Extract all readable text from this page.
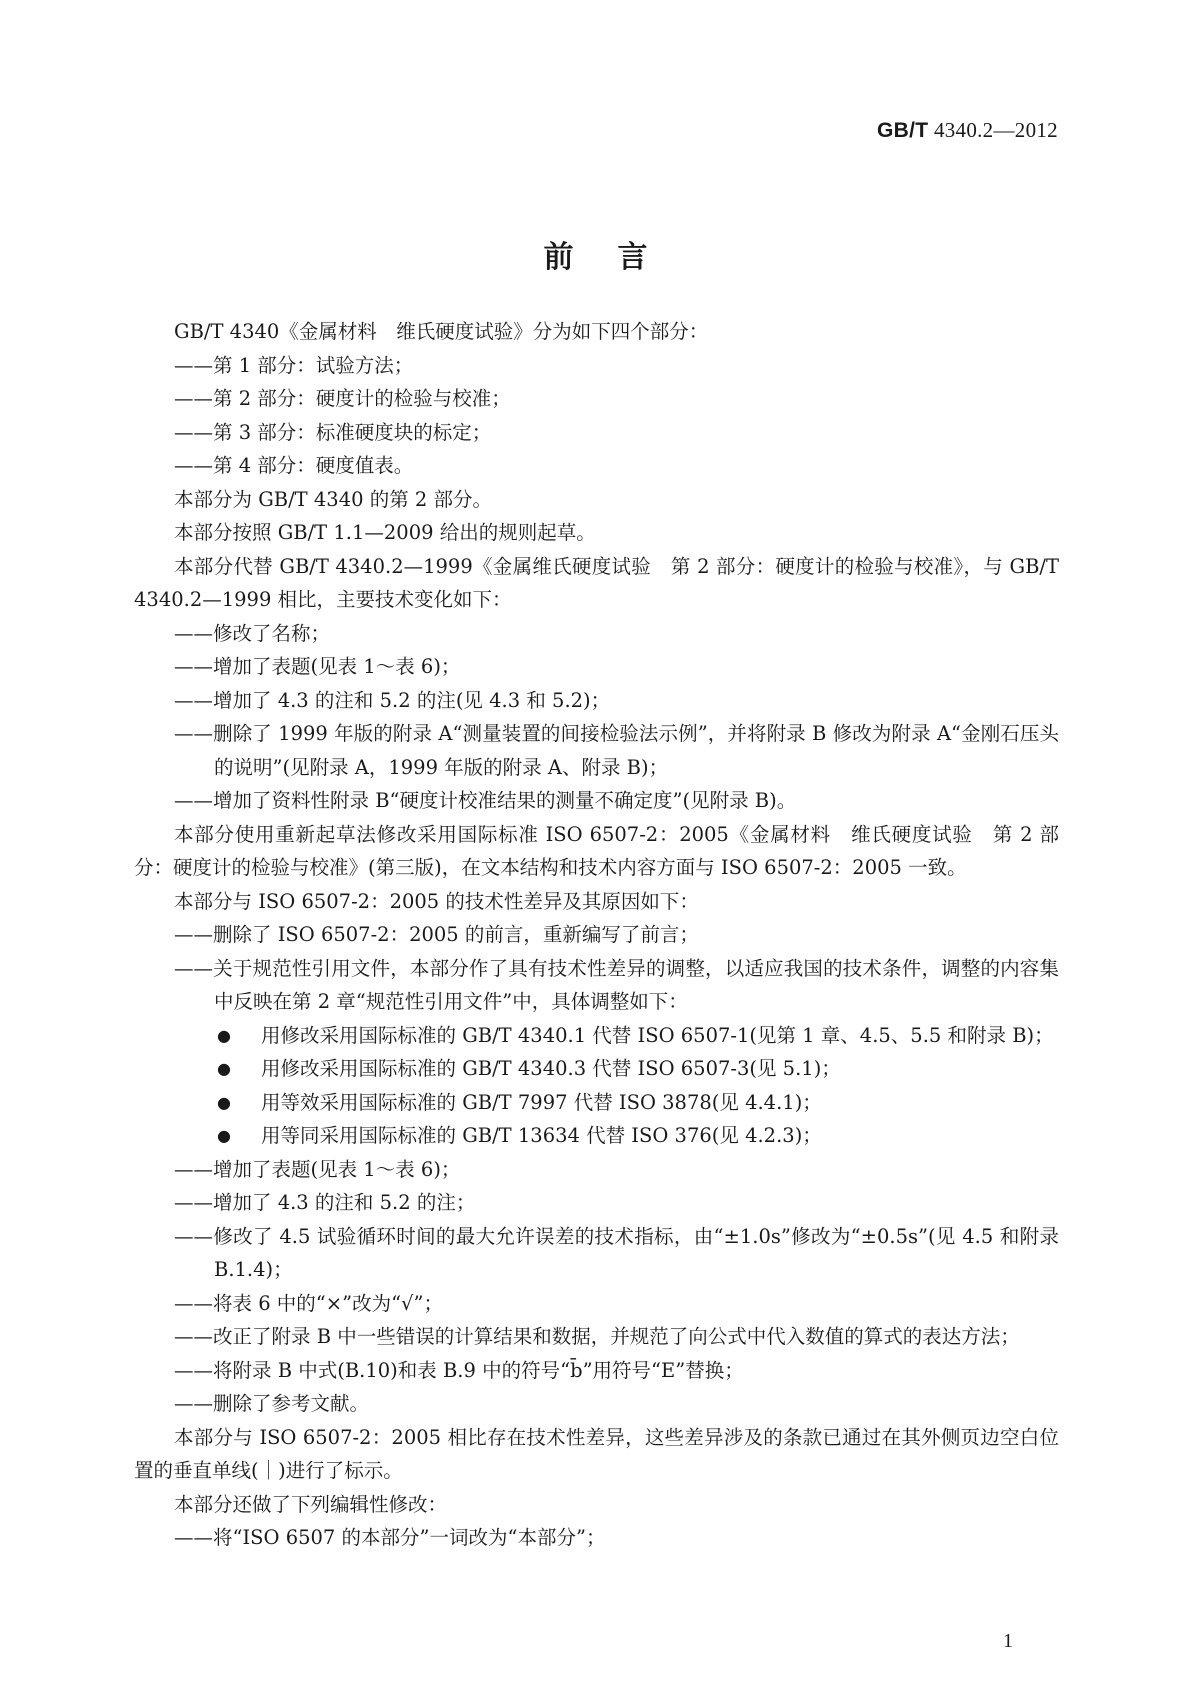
GB/T 4340.2—2012
前言
GB/T 4340《金属材料　维氏硬度试验》分为如下四个部分：
——第 1 部分：试验方法；
——第 2 部分：硬度计的检验与校准；
——第 3 部分：标准硬度块的标定；
——第 4 部分：硬度值表。
本部分为 GB/T 4340 的第 2 部分。
本部分按照 GB/T 1.1—2009 给出的规则起草。
本部分代替 GB/T 4340.2—1999《金属维氏硬度试验　第 2 部分：硬度计的检验与校准》，与 GB/T 4340.2—1999 相比，主要技术变化如下：
——修改了名称；
——增加了表题(见表 1～表 6)；
——增加了 4.3 的注和 5.2 的注(见 4.3 和 5.2)；
——删除了 1999 年版的附录 A“测量装置的间接检验法示例”，并将附录 B 修改为附录 A“金刚石压头的说明”(见附录 A，1999 年版的附录 A、附录 B)；
——增加了资料性附录 B“硬度计校准结果的测量不确定度”(见附录 B)。
本部分使用重新起草法修改采用国际标准 ISO 6507-2：2005《金属材料　维氏硬度试验　第 2 部分：硬度计的检验与校准》(第三版)，在文本结构和技术内容方面与 ISO 6507-2：2005 一致。
本部分与 ISO 6507-2：2005 的技术性差异及其原因如下：
——删除了 ISO 6507-2：2005 的前言，重新编写了前言；
——关于规范性引用文件，本部分作了具有技术性差异的调整，以适应我国的技术条件，调整的内容集中反映在第 2 章“规范性引用文件”中，具体调整如下：
● 用修改采用国际标准的 GB/T 4340.1 代替 ISO 6507-1(见第 1 章、4.5、5.5 和附录 B)；
● 用修改采用国际标准的 GB/T 4340.3 代替 ISO 6507-3(见 5.1)；
● 用等效采用国际标准的 GB/T 7997 代替 ISO 3878(见 4.4.1)；
● 用等同采用国际标准的 GB/T 13634 代替 ISO 376(见 4.2.3)；
——增加了表题(见表 1～表 6)；
——增加了 4.3 的注和 5.2 的注；
——修改了 4.5 试验循环时间的最大允许误差的技术指标，由“±1.0s”修改为“±0.5s”(见 4.5 和附录 B.1.4)；
——将表 6 中的“×”改为“√”；
——改正了附录 B 中一些错误的计算结果和数据，并规范了向公式中代入数值的算式的表达方法；
——将附录 B 中式(B.10)和表 B.9 中的符号“b̄”用符号“E”替换；
——删除了参考文献。
本部分与 ISO 6507-2：2005 相比存在技术性差异，这些差异涉及的条款已通过在其外侧页边空白位置的垂直单线(｜)进行了标示。
本部分还做了下列编辑性修改：
——将“ISO 6507 的本部分”一词改为“本部分”；
1
